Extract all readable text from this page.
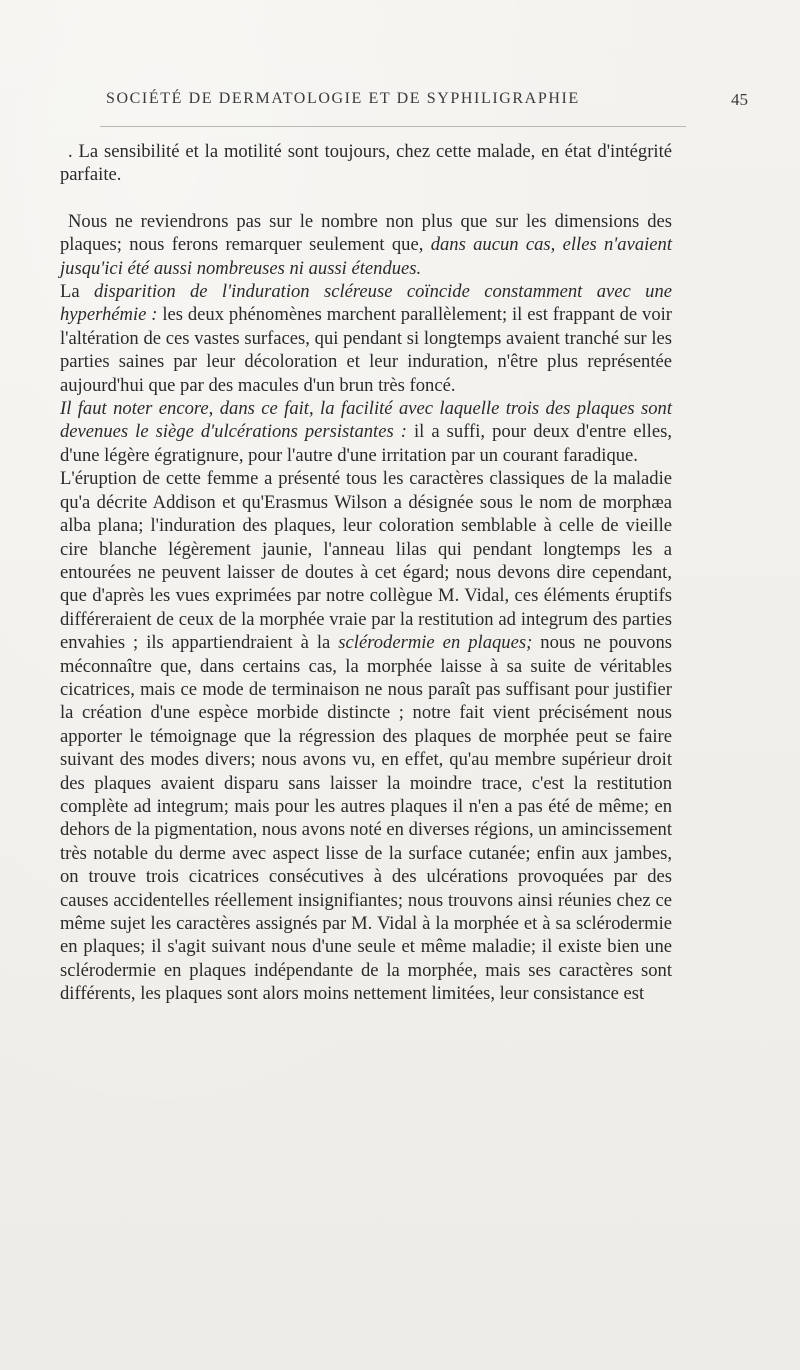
SOCIÉTÉ DE DERMATOLOGIE ET DE SYPHILIGRAPHIE	45

. La sensibilité et la motilité sont toujours, chez cette malade, en état d'intégrité parfaite.

Nous ne reviendrons pas sur le nombre non plus que sur les dimensions des plaques; nous ferons remarquer seulement que, dans aucun cas, elles n'avaient jusqu'ici été aussi nombreuses ni aussi étendues.

La disparition de l'induration scléreuse coïncide constamment avec une hyperhémie : les deux phénomènes marchent parallèlement; il est frappant de voir l'altération de ces vastes surfaces, qui pendant si longtemps avaient tranché sur les parties saines par leur décoloration et leur induration, n'être plus représentée aujourd'hui que par des macules d'un brun très foncé.

Il faut noter encore, dans ce fait, la facilité avec laquelle trois des plaques sont devenues le siège d'ulcérations persistantes : il a suffi, pour deux d'entre elles, d'une légère égratignure, pour l'autre d'une irritation par un courant faradique.

L'éruption de cette femme a présenté tous les caractères classiques de la maladie qu'a décrite Addison et qu'Erasmus Wilson a désignée sous le nom de morphæa alba plana; l'induration des plaques, leur coloration semblable à celle de vieille cire blanche légèrement jaunie, l'anneau lilas qui pendant longtemps les a entourées ne peuvent laisser de doutes à cet égard; nous devons dire cependant, que d'après les vues exprimées par notre collègue M. Vidal, ces éléments éruptifs différeraient de ceux de la morphée vraie par la restitution ad integrum des parties envahies ; ils appartiendraient à la sclérodermie en plaques; nous ne pouvons méconnaître que, dans certains cas, la morphée laisse à sa suite de véritables cicatrices, mais ce mode de terminaison ne nous paraît pas suffisant pour justifier la création d'une espèce morbide distincte ; notre fait vient précisément nous apporter le témoignage que la régression des plaques de morphée peut se faire suivant des modes divers; nous avons vu, en effet, qu'au membre supérieur droit des plaques avaient disparu sans laisser la moindre trace, c'est la restitution complète ad integrum; mais pour les autres plaques il n'en a pas été de même; en dehors de la pigmentation, nous avons noté en diverses régions, un amincissement très notable du derme avec aspect lisse de la surface cutanée; enfin aux jambes, on trouve trois cicatrices consécutives à des ulcérations provoquées par des causes accidentelles réellement insignifiantes; nous trouvons ainsi réunies chez ce même sujet les caractères assignés par M. Vidal à la morphée et à sa sclérodermie en plaques; il s'agit suivant nous d'une seule et même maladie; il existe bien une sclérodermie en plaques indépendante de la morphée, mais ses caractères sont différents, les plaques sont alors moins nettement limitées, leur consistance est
